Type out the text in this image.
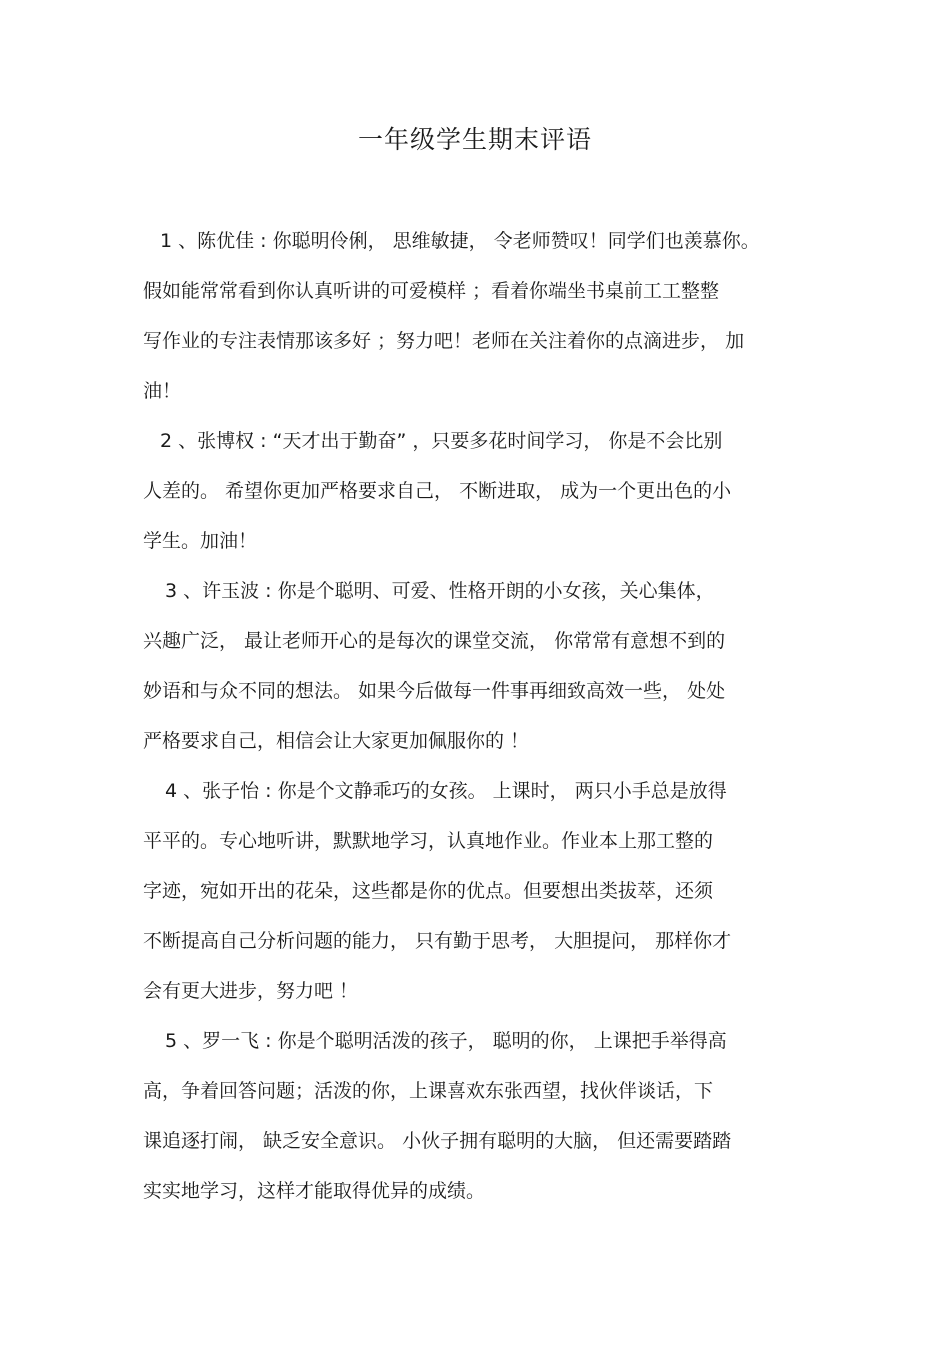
一年级学生期末评语
1 、陈优佳 : 你聪明伶俐， 思维敏捷， 令老师赞叹！同学们也羡慕你。
假如能常常看到你认真听讲的可爱模样 ；看着你端坐书桌前工工整整
写作业的专注表情那该多好 ；努力吧！老师在关注着你的点滴进步， 加
油！
2 、张博权 : “天才出于勤奋” ，只要多花时间学习， 你是不会比别
人差的。 希望你更加严格要求自己， 不断进取， 成为一个更出色的小
学生。加油！
3 、许玉波 : 你是个聪明、可爱、性格开朗的小女孩，关心集体，
兴趣广泛， 最让老师开心的是每次的课堂交流， 你常常有意想不到的
妙语和与众不同的想法。 如果今后做每一件事再细致高效一些， 处处
严格要求自己，相信会让大家更加佩服你的 ！
4 、张子怡 : 你是个文静乖巧的女孩。 上课时， 两只小手总是放得
平平的。专心地听讲，默默地学习，认真地作业。作业本上那工整的
字迹，宛如开出的花朵，这些都是你的优点。但要想出类拔萃，还须
不断提高自己分析问题的能力， 只有勤于思考， 大胆提问， 那样你才
会有更大进步，努力吧 ！
5 、罗一飞 : 你是个聪明活泼的孩子， 聪明的你， 上课把手举得高
高，争着回答问题；活泼的你，上课喜欢东张西望，找伙伴谈话，下
课追逐打闹， 缺乏安全意识。 小伙子拥有聪明的大脑， 但还需要踏踏
实实地学习，这样才能取得优异的成绩。
